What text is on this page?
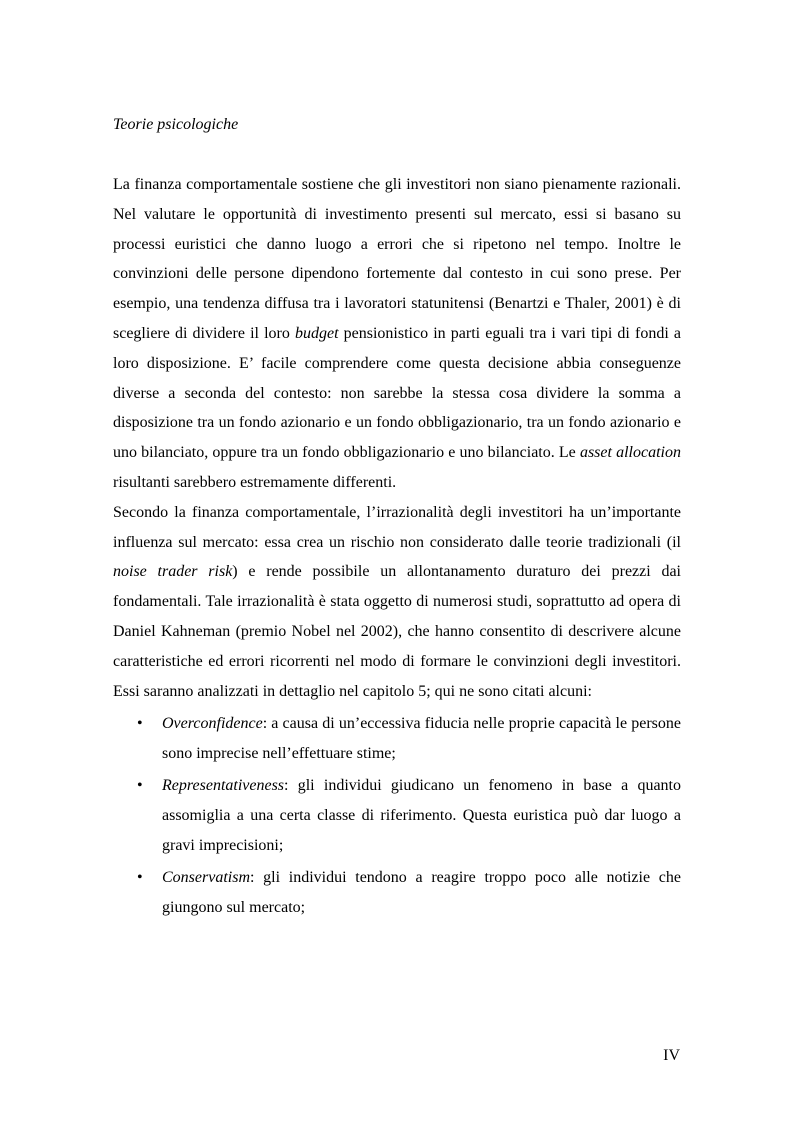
Teorie psicologiche

La finanza comportamentale sostiene che gli investitori non siano pienamente razionali. Nel valutare le opportunità di investimento presenti sul mercato, essi si basano su processi euristici che danno luogo a errori che si ripetono nel tempo. Inoltre le convinzioni delle persone dipendono fortemente dal contesto in cui sono prese. Per esempio, una tendenza diffusa tra i lavoratori statunitensi (Benartzi e Thaler, 2001) è di scegliere di dividere il loro budget pensionistico in parti eguali tra i vari tipi di fondi a loro disposizione. E’ facile comprendere come questa decisione abbia conseguenze diverse a seconda del contesto: non sarebbe la stessa cosa dividere la somma a disposizione tra un fondo azionario e un fondo obbligazionario, tra un fondo azionario e uno bilanciato, oppure tra un fondo obbligazionario e uno bilanciato. Le asset allocation risultanti sarebbero estremamente differenti.

Secondo la finanza comportamentale, l’irrazionalità degli investitori ha un’importante influenza sul mercato: essa crea un rischio non considerato dalle teorie tradizionali (il noise trader risk) e rende possibile un allontanamento duraturo dei prezzi dai fondamentali. Tale irrazionalità è stata oggetto di numerosi studi, soprattutto ad opera di Daniel Kahneman (premio Nobel nel 2002), che hanno consentito di descrivere alcune caratteristiche ed errori ricorrenti nel modo di formare le convinzioni degli investitori. Essi saranno analizzati in dettaglio nel capitolo 5; qui ne sono citati alcuni:

• Overconfidence: a causa di un’eccessiva fiducia nelle proprie capacità le persone sono imprecise nell’effettuare stime;
• Representativeness: gli individui giudicano un fenomeno in base a quanto assomiglia a una certa classe di riferimento. Questa euristica può dar luogo a gravi imprecisioni;
• Conservatism: gli individui tendono a reagire troppo poco alle notizie che giungono sul mercato;

IV
